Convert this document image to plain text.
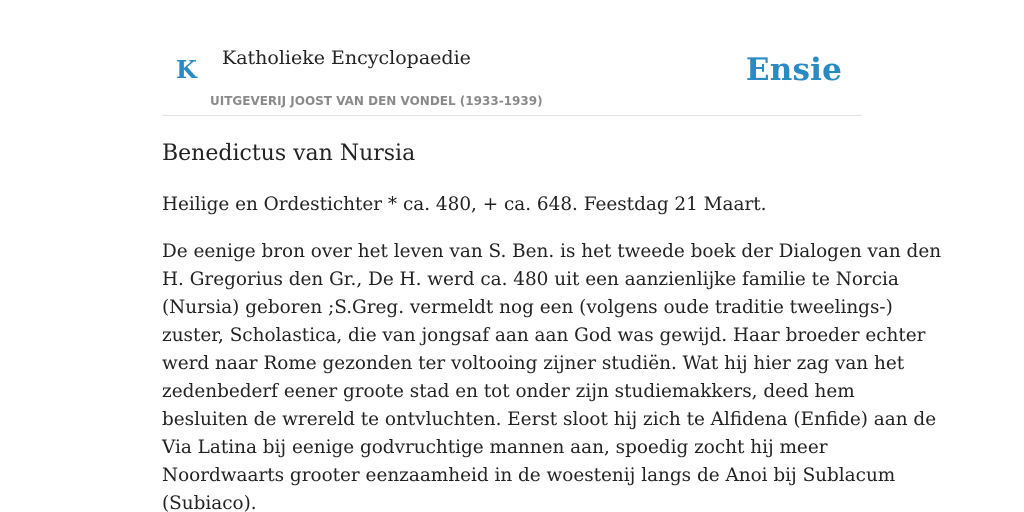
K Katholieke Encyclopaedie
UITGEVERIJ JOOST VAN DEN VONDEL (1933-1939)
Ensie
Benedictus van Nursia

Heilige en Ordestichter * ca. 480, + ca. 648. Feestdag 21 Maart.

De eenige bron over het leven van S. Ben. is het tweede boek der Dialogen van den
H. Gregorius den Gr., De H. werd ca. 480 uit een aanzienlijke familie te Norcia
(Nursia) geboren ;S.Greg. vermeldt nog een (volgens oude traditie tweelings-)
zuster, Scholastica, die van jongsaf aan aan God was gewijd. Haar broeder echter
werd naar Rome gezonden ter voltooing zijner studiën. Wat hij hier zag van het
zedenbederf eener groote stad en tot onder zijn studiemakkers, deed hem
besluiten de wrereld te ontvluchten. Eerst sloot hij zich te Alfidena (Enfide) aan de
Via Latina bij eenige godvruchtige mannen aan, spoedig zocht hij meer
Noordwaarts grooter eenzaamheid in de woestenij langs de Anoi bij Sublacum
(Subiaco).
